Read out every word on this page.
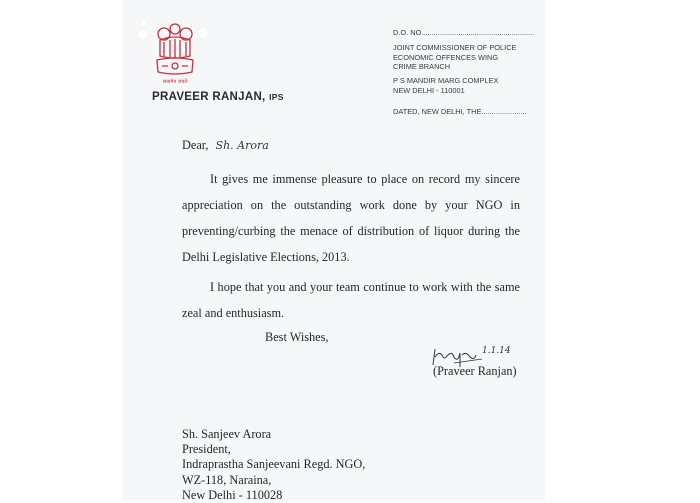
सत्यमेव जयते
PRAVEER RANJAN, IPS
D.O. NO.......................................................
JOINT COMMISSIONER OF POLICE
ECONOMIC OFFENCES WING
CRIME BRANCH
P S MANDIR MARG COMPLEX
NEW DELHI - 110001
DATED, NEW DELHI, THE......................
Dear, Sh. Arora
It gives me immense pleasure to place on record my sincere appreciation on the outstanding work done by your NGO in preventing/curbing the menace of distribution of liquor during the Delhi Legislative Elections, 2013.
I hope that you and your team continue to work with the same zeal and enthusiasm.
Best Wishes,
1.1.14
(Praveer Ranjan)
Sh. Sanjeev Arora
President,
Indraprastha Sanjeevani Regd. NGO,
WZ-118, Naraina,
New Delhi - 110028
